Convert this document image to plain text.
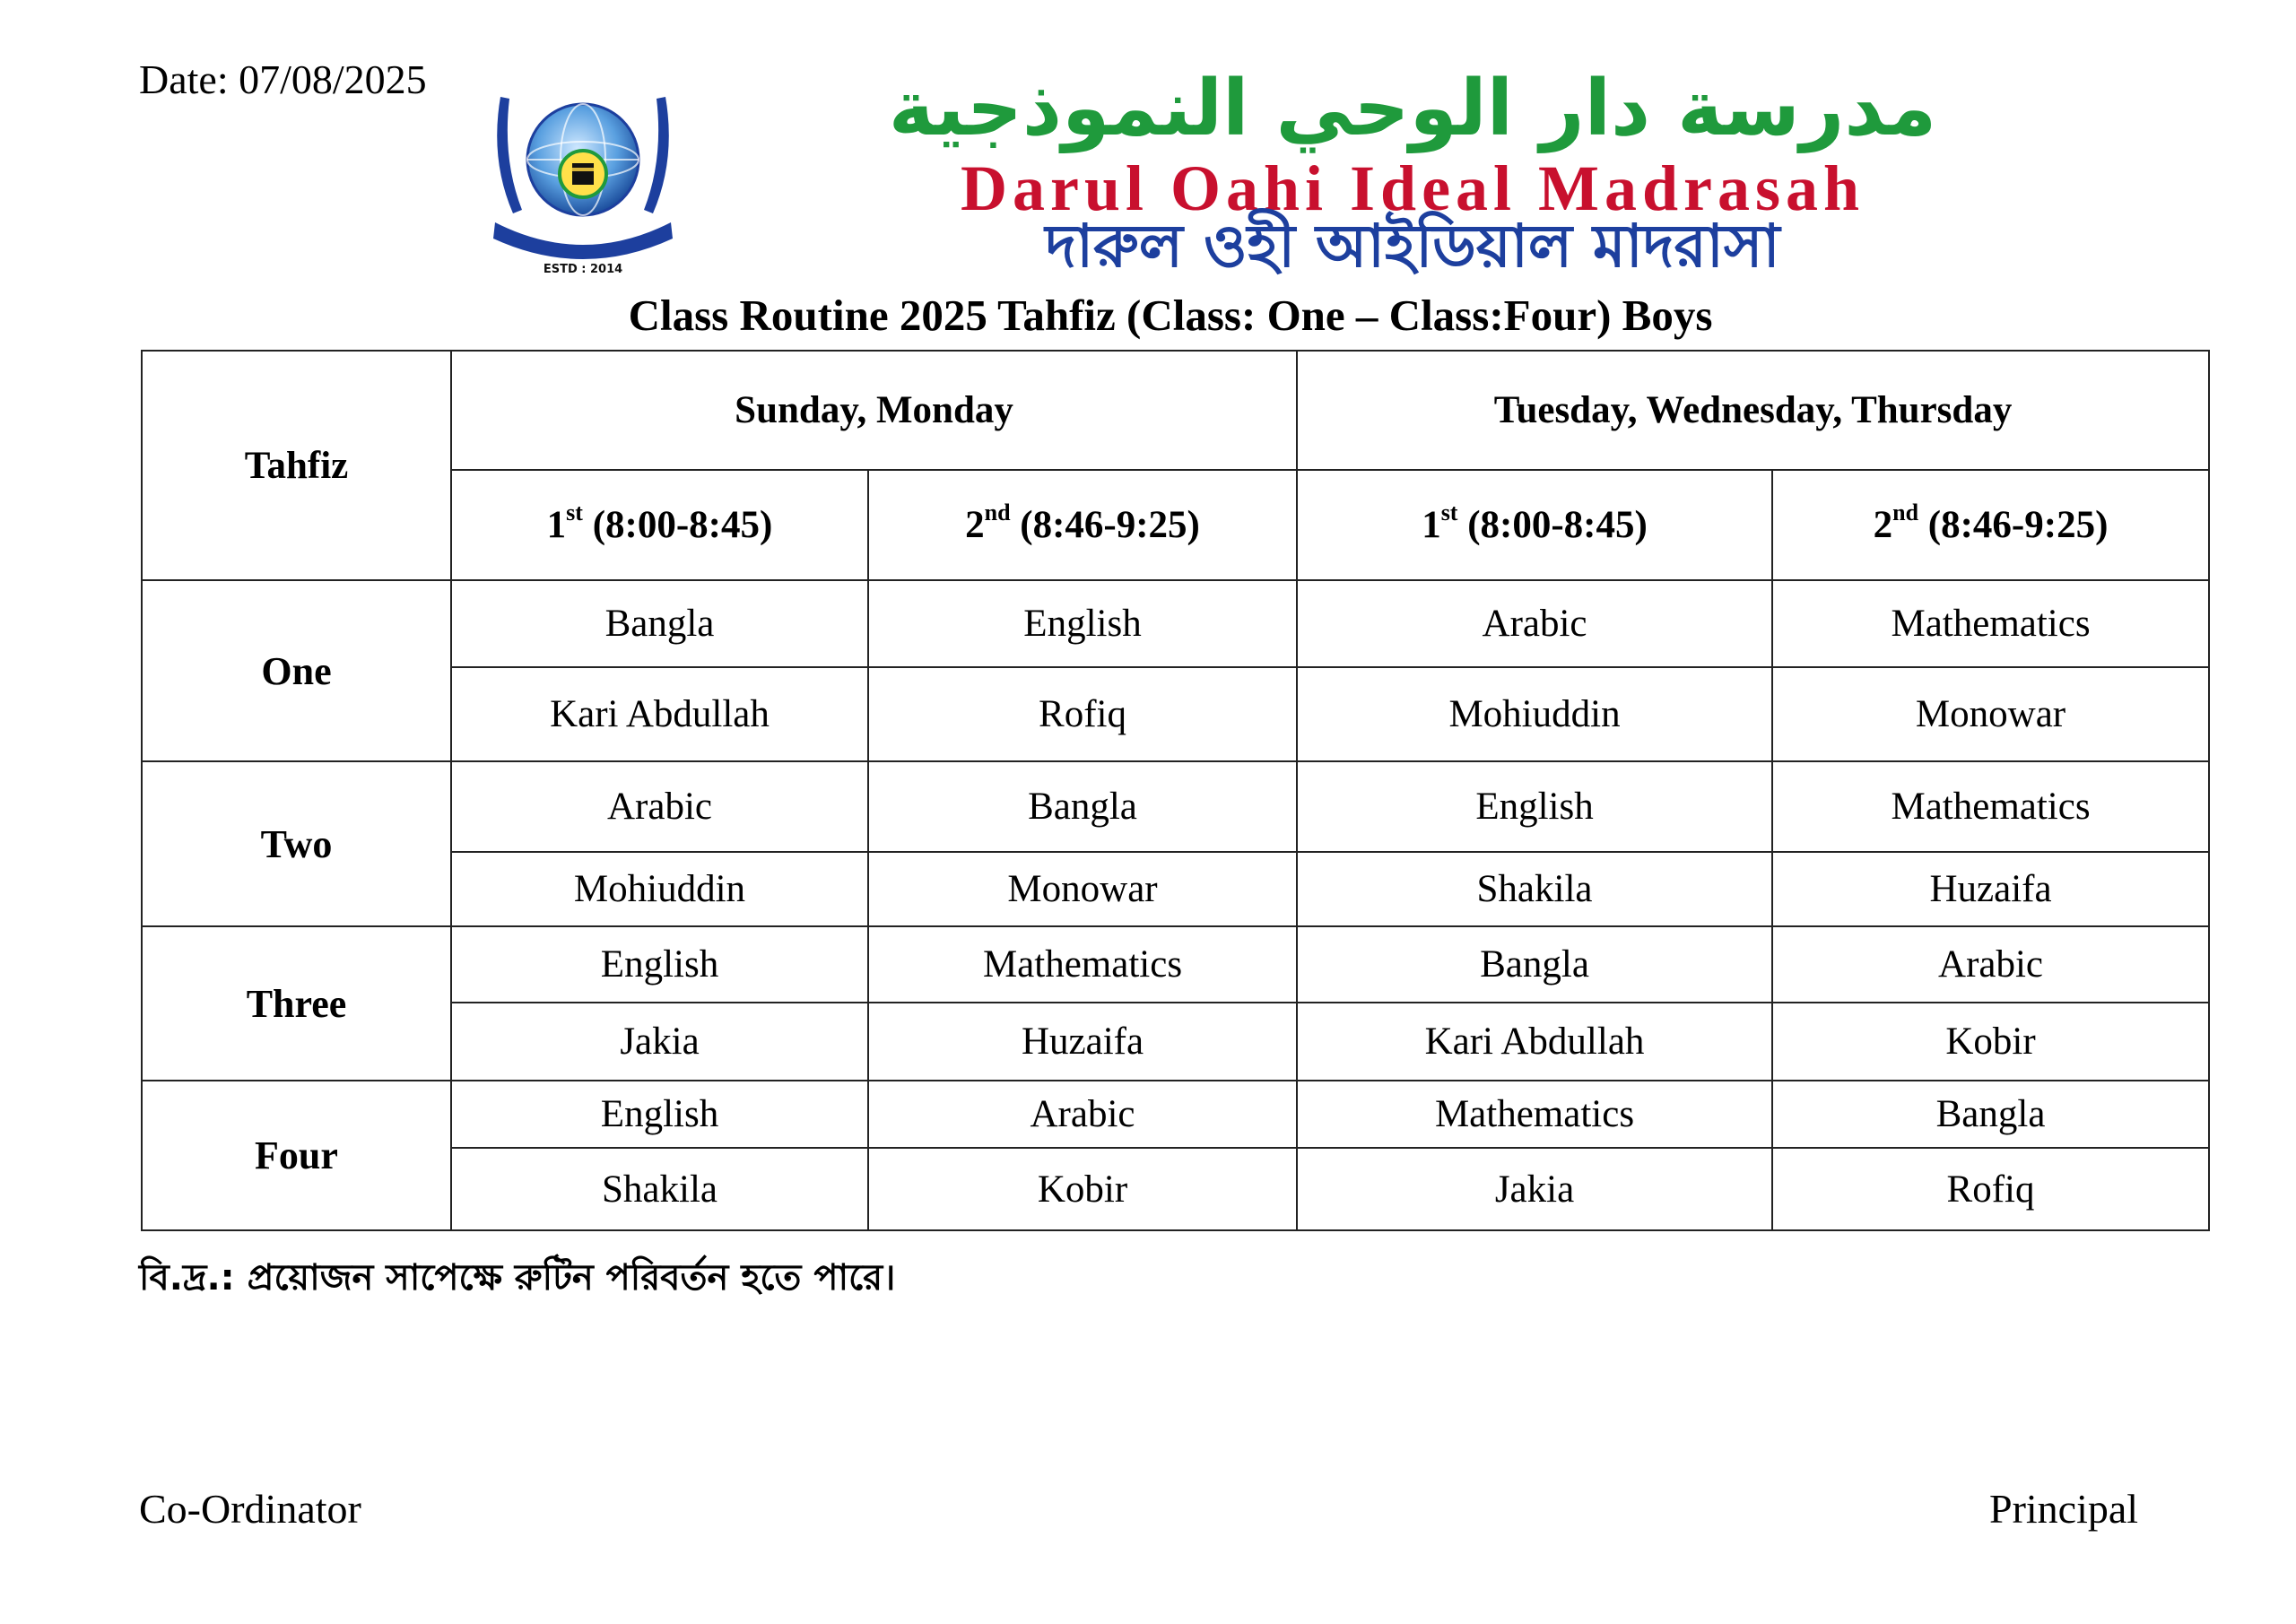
Date: 07/08/2025
ESTD : 2014
مدرسة دار الوحي النموذجية
Darul Oahi Ideal Madrasah
দারুল ওহী আইডিয়াল মাদরাসা
Class Routine 2025 Tahfiz (Class: One – Class:Four) Boys
Tahfiz	Sunday, Monday		Tuesday, Wednesday, Thursday	
	1st (8:00-8:45)	2nd (8:46-9:25)	1st (8:00-8:45)	2nd (8:46-9:25)
One	Bangla	English	Arabic	Mathematics
	Kari Abdullah	Rofiq	Mohiuddin	Monowar
Two	Arabic	Bangla	English	Mathematics
	Mohiuddin	Monowar	Shakila	Huzaifa
Three	English	Mathematics	Bangla	Arabic
	Jakia	Huzaifa	Kari Abdullah	Kobir
Four	English	Arabic	Mathematics	Bangla
	Shakila	Kobir	Jakia	Rofiq
বি.দ্র.: প্রয়োজন সাপেক্ষে রুটিন পরিবর্তন হতে পারে।
Co-Ordinator	Principal
